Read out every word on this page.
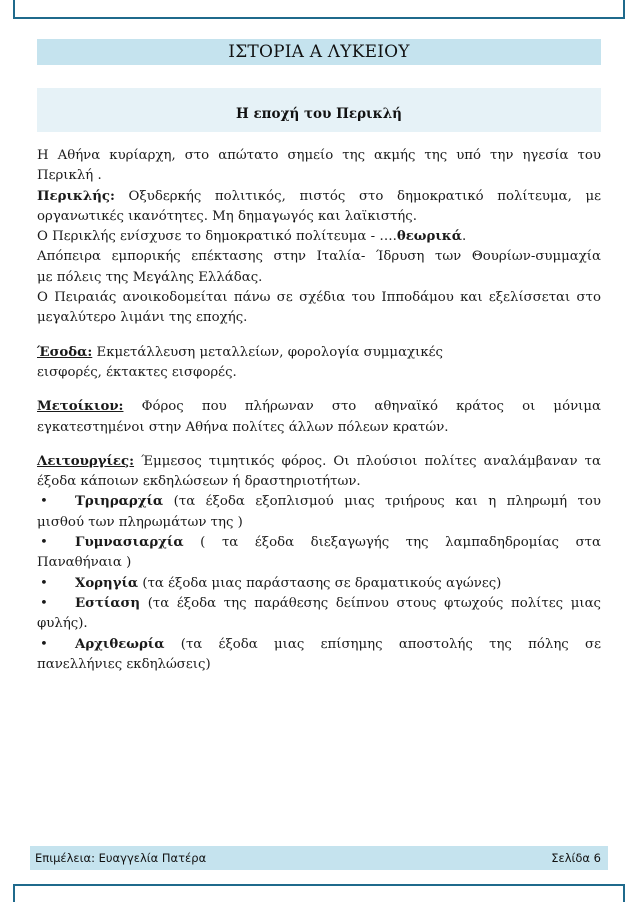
ΙΣΤΟΡΙΑ Α ΛΥΚΕΙΟΥ
Η εποχή του Περικλή

Η Αθήνα κυρίαρχη, στο απώτατο σημείο της ακμής της υπό την ηγεσία του

Περικλή .

Περικλής: Οξυδερκής πολιτικός, πιστός στο δημοκρατικό πολίτευμα, με

οργανωτικές ικανότητες. Μη δημαγωγός και λαϊκιστής.

Ο Περικλής ενίσχυσε το δημοκρατικό πολίτευμα - ….θεωρικά.

Απόπειρα εμπορικής επέκτασης στην Ιταλία- Ίδρυση των Θουρίων-συμμαχία

με πόλεις της Μεγάλης Ελλάδας.

Ο Πειραιάς ανοικοδομείται πάνω σε σχέδια του Ιπποδάμου και εξελίσσεται στο

μεγαλύτερο λιμάνι της εποχής.

Έσοδα: Εκμετάλλευση μεταλλείων, φορολογία συμμαχικές

εισφορές, έκτακτες εισφορές.

Μετοίκιον: Φόρος που πλήρωναν στο αθηναϊκό κράτος οι μόνιμα

εγκατεστημένοι στην Αθήνα πολίτες άλλων πόλεων κρατών.

Λειτουργίες: Έμμεσος τιμητικός φόρος. Οι πλούσιοι πολίτες αναλάμβαναν τα

έξοδα κάποιων εκδηλώσεων ή δραστηριοτήτων.

•	Τριηραρχία (τα έξοδα εξοπλισμού μιας τριήρους και η πληρωμή του

μισθού των πληρωμάτων της )

•	Γυμνασιαρχία ( τα έξοδα διεξαγωγής της λαμπαδηδρομίας στα

Παναθήναια )

•	Χορηγία (τα έξοδα μιας παράστασης σε δραματικούς αγώνες)
•	Εστίαση (τα έξοδα της παράθεσης δείπνου στους φτωχούς πολίτες μιας

φυλής).

•	Αρχιθεωρία (τα έξοδα μιας επίσημης αποστολής της πόλης σε

πανελλήνιες εκδηλώσεις)

Επιμέλεια: Ευαγγελία Πατέρα	Σελίδα 6
